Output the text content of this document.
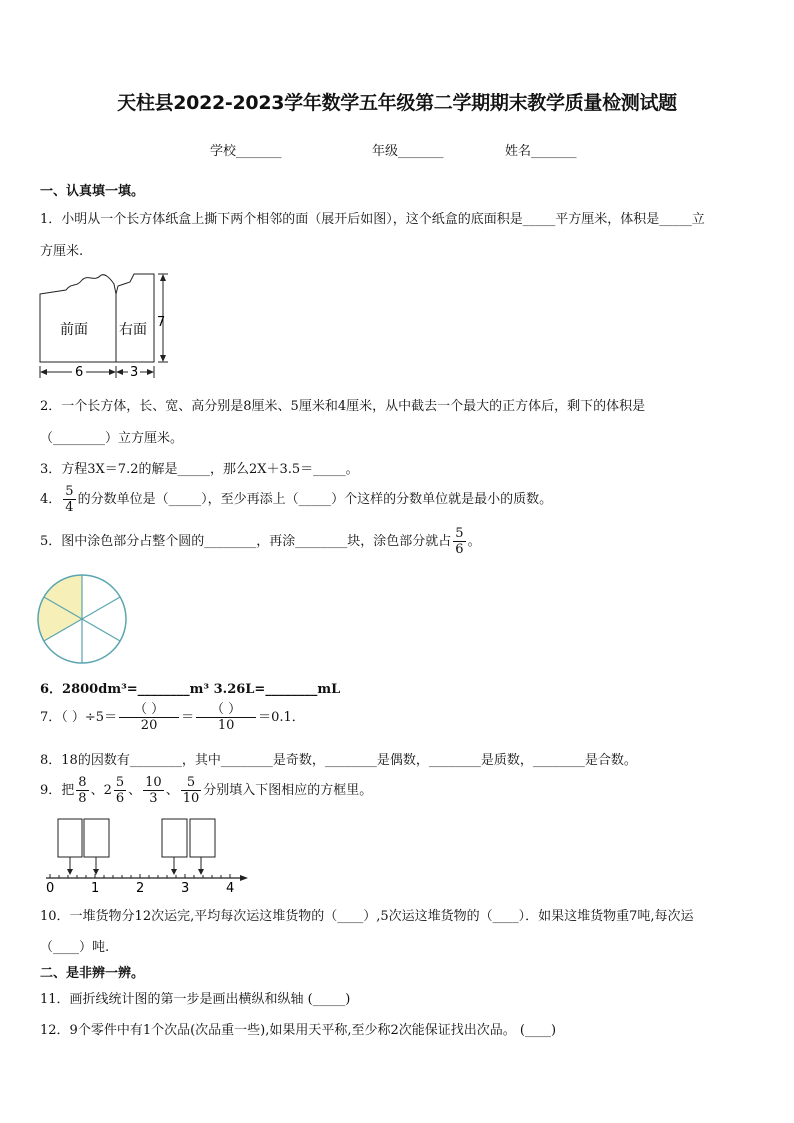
天柱县2022-2023学年数学五年级第二学期期末教学质量检测试题
学校_______	年级_______	姓名_______
一、认真填一填。
1．小明从一个长方体纸盒上撕下两个相邻的面（展开后如图），这个纸盒的底面积是_____平方厘米，体积是_____立
方厘米.
7
前面 右面
6	3
2．一个长方体，长、宽、高分别是8厘米、5厘米和4厘米，从中截去一个最大的正方体后，剩下的体积是
（________）立方厘米。
3．方程3X＝7.2的解是_____，那么2X＋3.5＝_____。
4． $\frac{5}{4}$ 的分数单位是（_____），至少再添上（_____）个这样的分数单位就是最小的质数。
5．图中涂色部分占整个圆的________，再涂________块，涂色部分就占 $\frac{5}{6}$ 。
6．2800dm³=________m³ 3.26L=________mL
7．（ ）$\div 5= \frac{( )}{20} = \frac{( )}{10} =0.1$．
8．18的因数有________，其中________是奇数，________是偶数，________是质数，________是合数。
9．把 $\frac{8}{8}$ 、$2 \frac{5}{6}$ 、 $\frac{10}{3}$ 、 $\frac{5}{10}$ 分别填入下图相应的方框里。
0	1	2	3	4
10．一堆货物分12次运完,平均每次运这堆货物的（____）,5次运这堆货物的（____）．如果这堆货物重7吨,每次运
（____）吨.
二、是非辨一辨。
11．画折线统计图的第一步是画出横纵和纵轴 (_____)
12．9个零件中有1个次品(次品重一些),如果用天平称,至少称2次能保证找出次品。 (____)
